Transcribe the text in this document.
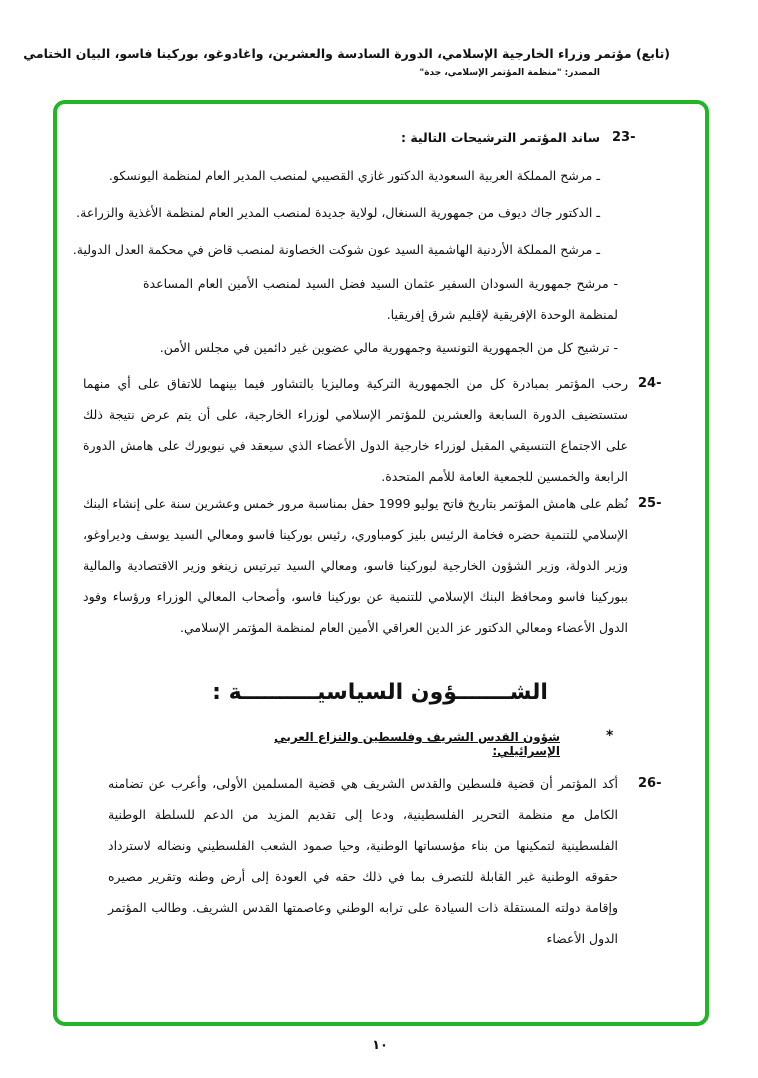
(تابع) مؤتمر وزراء الخارجية الإسلامي، الدورة السادسة والعشرين، واغادوغو، بوركينا فاسو، البيان الختامي
المصدر: "منظمة المؤتمر الإسلامي، جدة"
23-
ساند المؤتمر الترشيحات التالية :
ـ مرشح المملكة العربية السعودية الدكتور غازي القصيبي لمنصب المدير العام لمنظمة اليونسكو.
ـ الدكتور جاك ديوف من جمهورية السنغال، لولاية جديدة لمنصب المدير العام لمنظمة الأغذية والزراعة.
ـ مرشح المملكة الأردنية الهاشمية السيد عون شوكت الخصاونة لمنصب قاض في محكمة العدل الدولية.
- مرشح جمهورية السودان السفير عثمان السيد فضل السيد لمنصب الأمين العام المساعدة لمنظمة الوحدة الإفريقية لإقليم شرق إفريقيا.
- ترشيح كل من الجمهورية التونسية وجمهورية مالي عضوين غير دائمين في مجلس الأمن.
24-
رحب المؤتمر بمبادرة كل من الجمهورية التركية وماليزيا بالتشاور فيما بينهما للاتفاق على أي منهما ستستضيف الدورة السابعة والعشرين للمؤتمر الإسلامي لوزراء الخارجية، على أن يتم عرض نتيجة ذلك على الاجتماع التنسيقي المقبل لوزراء خارجية الدول الأعضاء الذي سيعقد في نيويورك على هامش الدورة الرابعة والخمسين للجمعية العامة للأمم المتحدة.
25-
نُظم على هامش المؤتمر بتاريخ فاتح يوليو 1999 حفل بمناسبة مرور خمس وعشرين سنة على إنشاء البنك الإسلامي للتنمية حضره فخامة الرئيس بليز كومباوري، رئيس بوركينا فاسو ومعالي السيد يوسف وديراوغو، وزير الدولة، وزير الشؤون الخارجية لبوركينا فاسو، ومعالي السيد تيرتيس زينغو وزير الاقتصادية والمالية ببوركينا فاسو ومحافظ البنك الإسلامي للتنمية عن بوركينا فاسو، وأصحاب المعالي الوزراء ورؤساء وفود الدول الأعضاء ومعالي الدكتور عز الدين العراقي الأمين العام لمنظمة المؤتمر الإسلامي.
الشـــــــؤون السياسيــــــــــة :
*
شؤون القدس الشريف وفلسطين والنزاع العربي الإسرائيلي:
26-
أكد المؤتمر أن قضية فلسطين والقدس الشريف هي قضية المسلمين الأولى، وأعرب عن تضامنه الكامل مع منظمة التحرير الفلسطينية، ودعا إلى تقديم المزيد من الدعم للسلطة الوطنية الفلسطينية لتمكينها من بناء مؤسساتها الوطنية، وحيا صمود الشعب الفلسطيني ونضاله لاسترداد حقوقه الوطنية غير القابلة للتصرف بما في ذلك حقه في العودة إلى أرض وطنه وتقرير مصيره وإقامة دولته المستقلة ذات السيادة على ترابه الوطني وعاصمتها القدس الشريف. وطالب المؤتمر الدول الأعضاء
١٠
